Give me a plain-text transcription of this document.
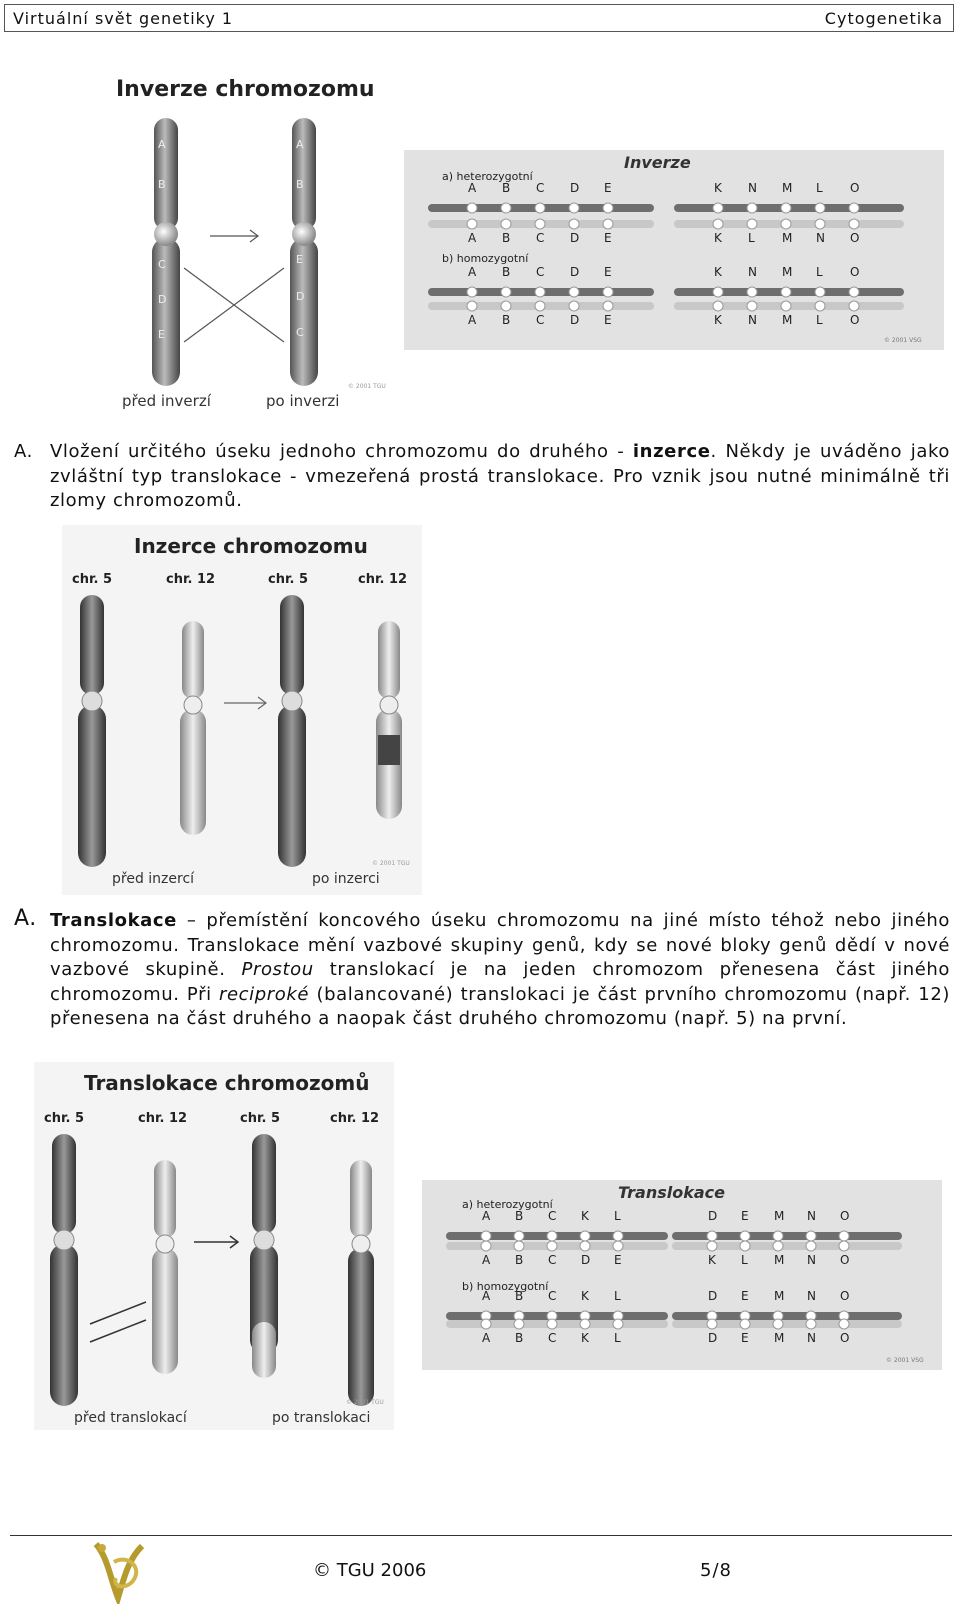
Virtuální svět genetiky 1	Cytogenetika
Inverze chromozomu
A
B
C
D
E
A
B
E
D
C
před inverzí	po inverzi
© 2001 TGU
Inverze
a) heterozygotní
b) homozygotní
A B C D E	K N M L O
A B C D E	K L M N O
A B C D E	K N M L O
A B C D E	K N M L O
© 2001 VSG
A. Vložení určitého úseku jednoho chromozomu do druhého - inzerce. Někdy je uváděno jako zvláštní typ translokace - vmezeřená prostá translokace. Pro vznik jsou nutné minimálně tři zlomy chromozomů.
Inzerce chromozomu
chr. 5	chr. 12	chr. 5	chr. 12
před inzercí	po inzerci
© 2001 TGU
A. Translokace – přemístění koncového úseku chromozomu na jiné místo téhož nebo jiného chromozomu. Translokace mění vazbové skupiny genů, kdy se nové bloky genů dědí v nové vazbové skupině. Prostou translokací je na jeden chromozom přenesena část jiného chromozomu. Při reciproké (balancované) translokaci je část prvního chromozomu (např. 12) přenesena na část druhého a naopak část druhého chromozomu (např. 5) na první.
Translokace chromozomů
chr. 5	chr. 12	chr. 5	chr. 12
před translokací	po translokaci
© 2001 TGU
Translokace
a) heterozygotní
b) homozygotní
A B C K L	D E M N O
A B C D E	K L M N O
A B C K L	D E M N O
A B C K L	D E M N O
© 2001 VSG
© TGU 2006	5/8
